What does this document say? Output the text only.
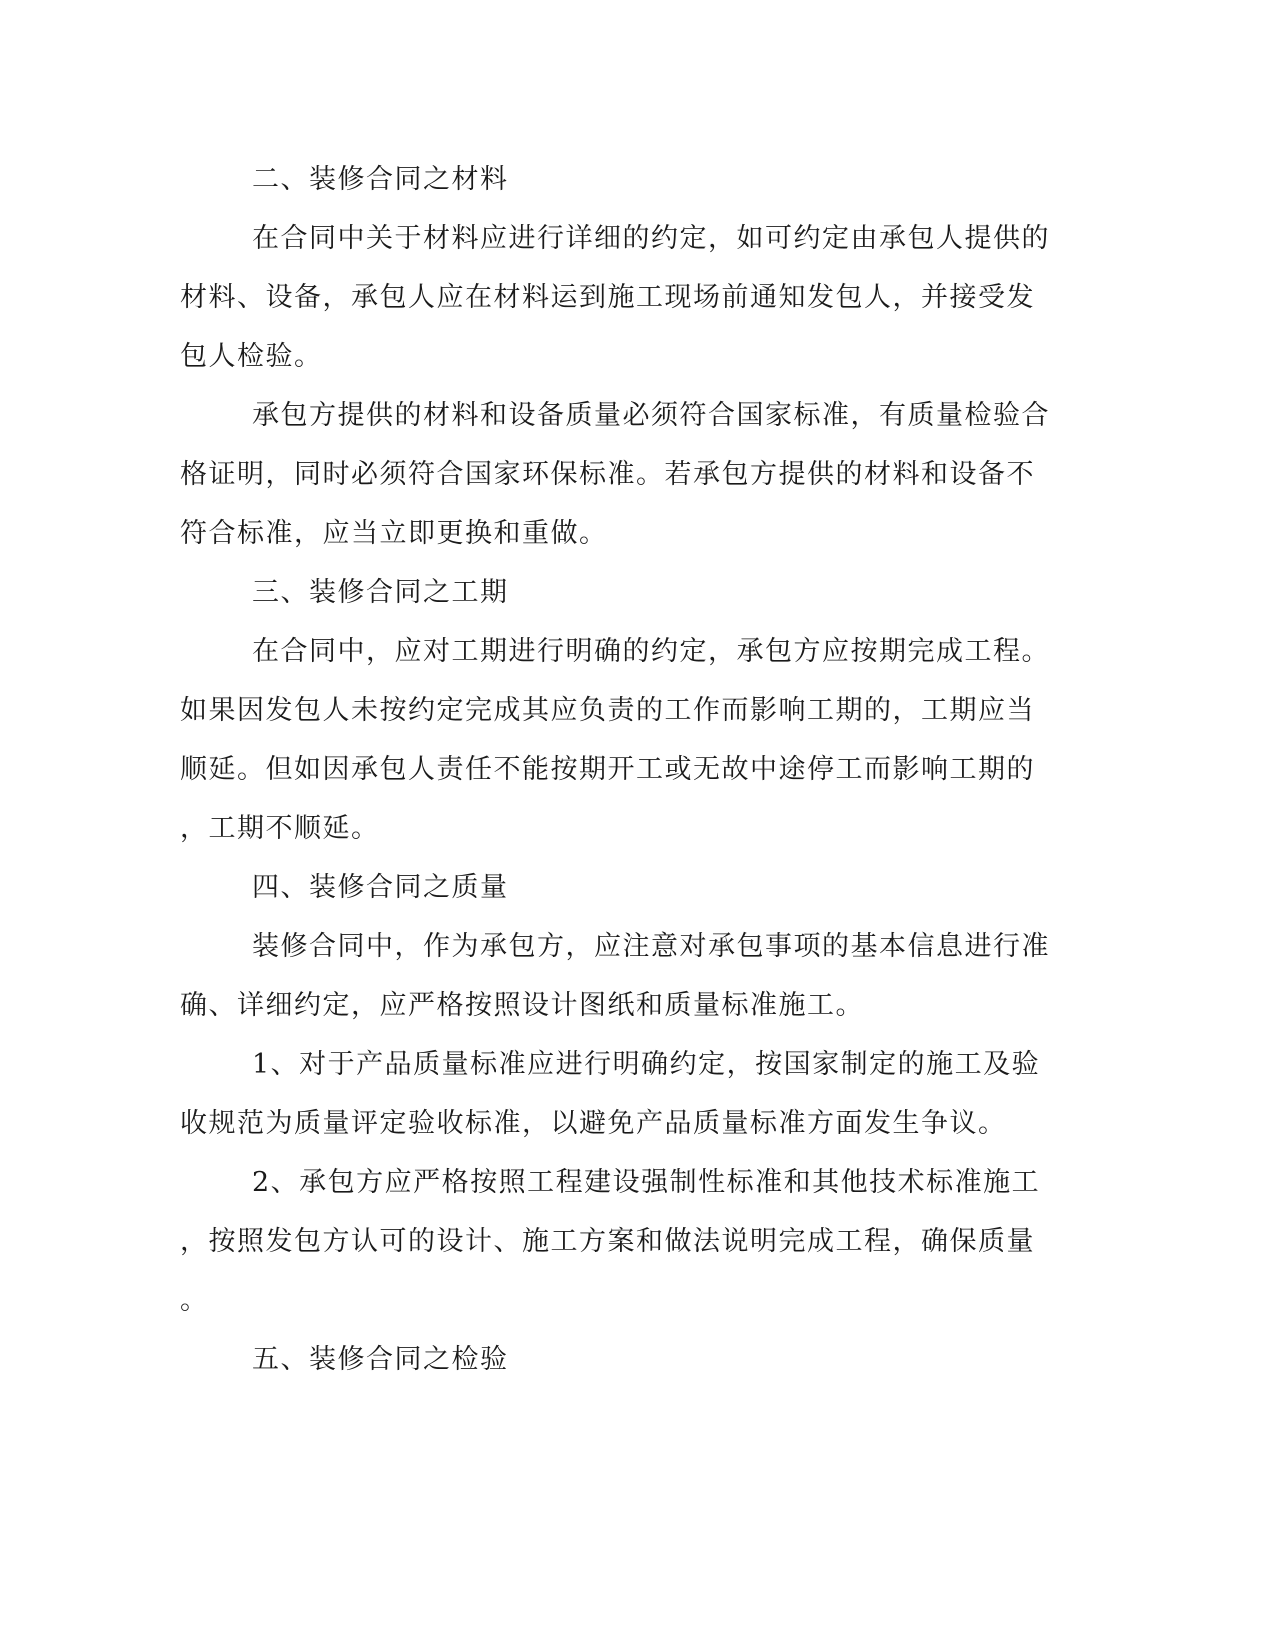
二、装修合同之材料
在合同中关于材料应进行详细的约定，如可约定由承包人提供的
材料、设备，承包人应在材料运到施工现场前通知发包人，并接受发
包人检验。
承包方提供的材料和设备质量必须符合国家标准，有质量检验合
格证明，同时必须符合国家环保标准。若承包方提供的材料和设备不
符合标准，应当立即更换和重做。
三、装修合同之工期
在合同中，应对工期进行明确的约定，承包方应按期完成工程。
如果因发包人未按约定完成其应负责的工作而影响工期的，工期应当
顺延。但如因承包人责任不能按期开工或无故中途停工而影响工期的
，工期不顺延。
四、装修合同之质量
装修合同中，作为承包方，应注意对承包事项的基本信息进行准
确、详细约定，应严格按照设计图纸和质量标准施工。
1、对于产品质量标准应进行明确约定，按国家制定的施工及验
收规范为质量评定验收标准，以避免产品质量标准方面发生争议。
2、承包方应严格按照工程建设强制性标准和其他技术标准施工
，按照发包方认可的设计、施工方案和做法说明完成工程，确保质量
。
五、装修合同之检验
